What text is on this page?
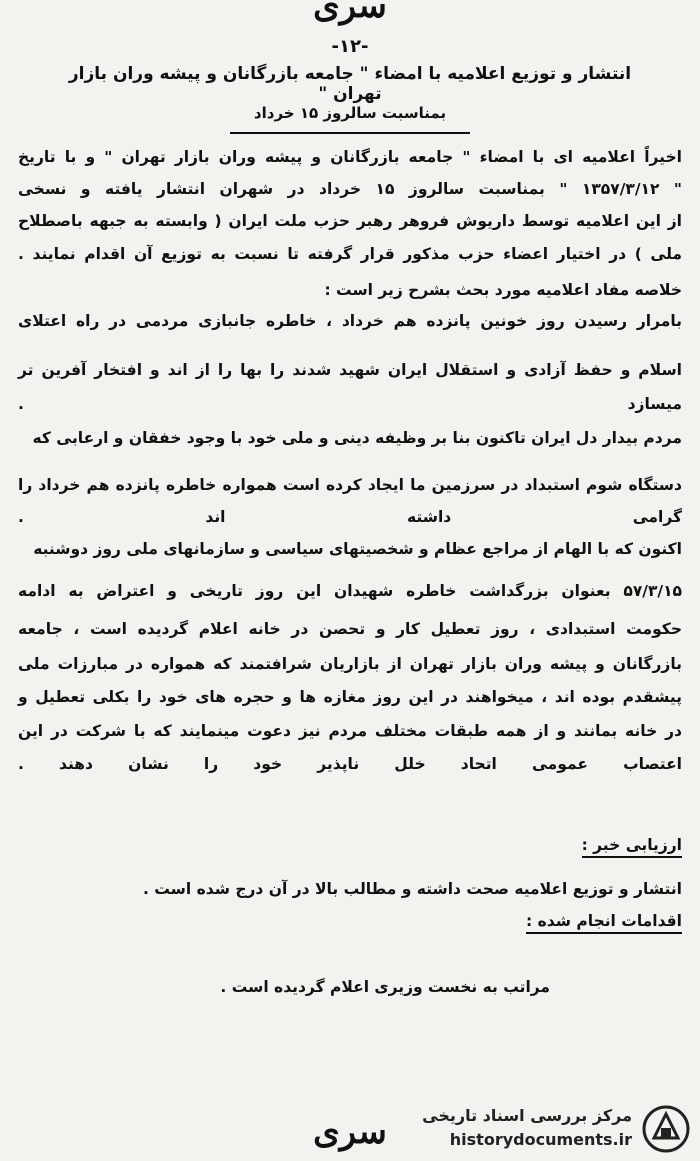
سری
-۱۲-
انتشار و توزیع اعلامیه با امضاء " جامعه بازرگانان و پیشه وران بازار تهران "
بمناسبت سالروز ۱۵ خرداد
اخیراً اعلامیه ای با امضاء " جامعه بازرگانان و پیشه وران بازار تهران " و با تاریخ
" ۱۳۵۷/۳/۱۲ " بمناسبت سالروز ۱۵ خرداد در شهران انتشار یافته و نسخی
از این اعلامیه توسط داریوش فروهر رهبر حزب ملت ایران ( وابسته به جبهه باصطلاح
ملی ) در اختیار اعضاء حزب مذکور قرار گرفته تا نسبت به توزیع آن اقدام نمایند .
خلاصه مفاد اعلامیه مورد بحث بشرح زیر است :
بامرار رسیدن روز خونین پانزده هم خرداد ، خاطره جانبازی مردمی در راه اعتلای
اسلام و حفظ آزادی و استقلال ایران شهید شدند را بها را از اند و افتخار آفرین تر
میسازد .
مردم بیدار دل ایران تاکنون بنا بر وظیفه دینی و ملی خود با وجود خفقان و ارعابی که
دستگاه شوم استبداد در سرزمین ما ایجاد کرده است همواره خاطره پانزده هم خرداد را
گرامی داشته اند .
اکنون که با الهام از مراجع عظام و شخصیتهای سیاسی و سازمانهای ملی روز دوشنبه
۵۷/۳/۱۵ بعنوان بزرگداشت خاطره شهیدان این روز تاریخی و اعتراض به ادامه
حکومت استبدادی ، روز تعطیل کار و تحصن در خانه اعلام گردیده است ، جامعه
بازرگانان و پیشه وران بازار تهران از بازاریان شرافتمند که همواره در مبارزات ملی
پیشقدم بوده اند ، میخواهند در این روز مغازه ها و حجره های خود را بکلی تعطیل و
در خانه بمانند و از همه طبقات مختلف مردم نیز دعوت مینمایند که با شرکت در این
اعتصاب عمومی اتحاد خلل ناپذیر خود را نشان دهند .
ارزیابی خبر :
انتشار و توزیع اعلامیه صحت داشته و مطالب بالا در آن درج شده است .
اقدامات انجام شده :
مراتب به نخست وزیری اعلام گردیده است .
سری	مرکز بررسی اسناد تاریخی
historydocuments.ir
